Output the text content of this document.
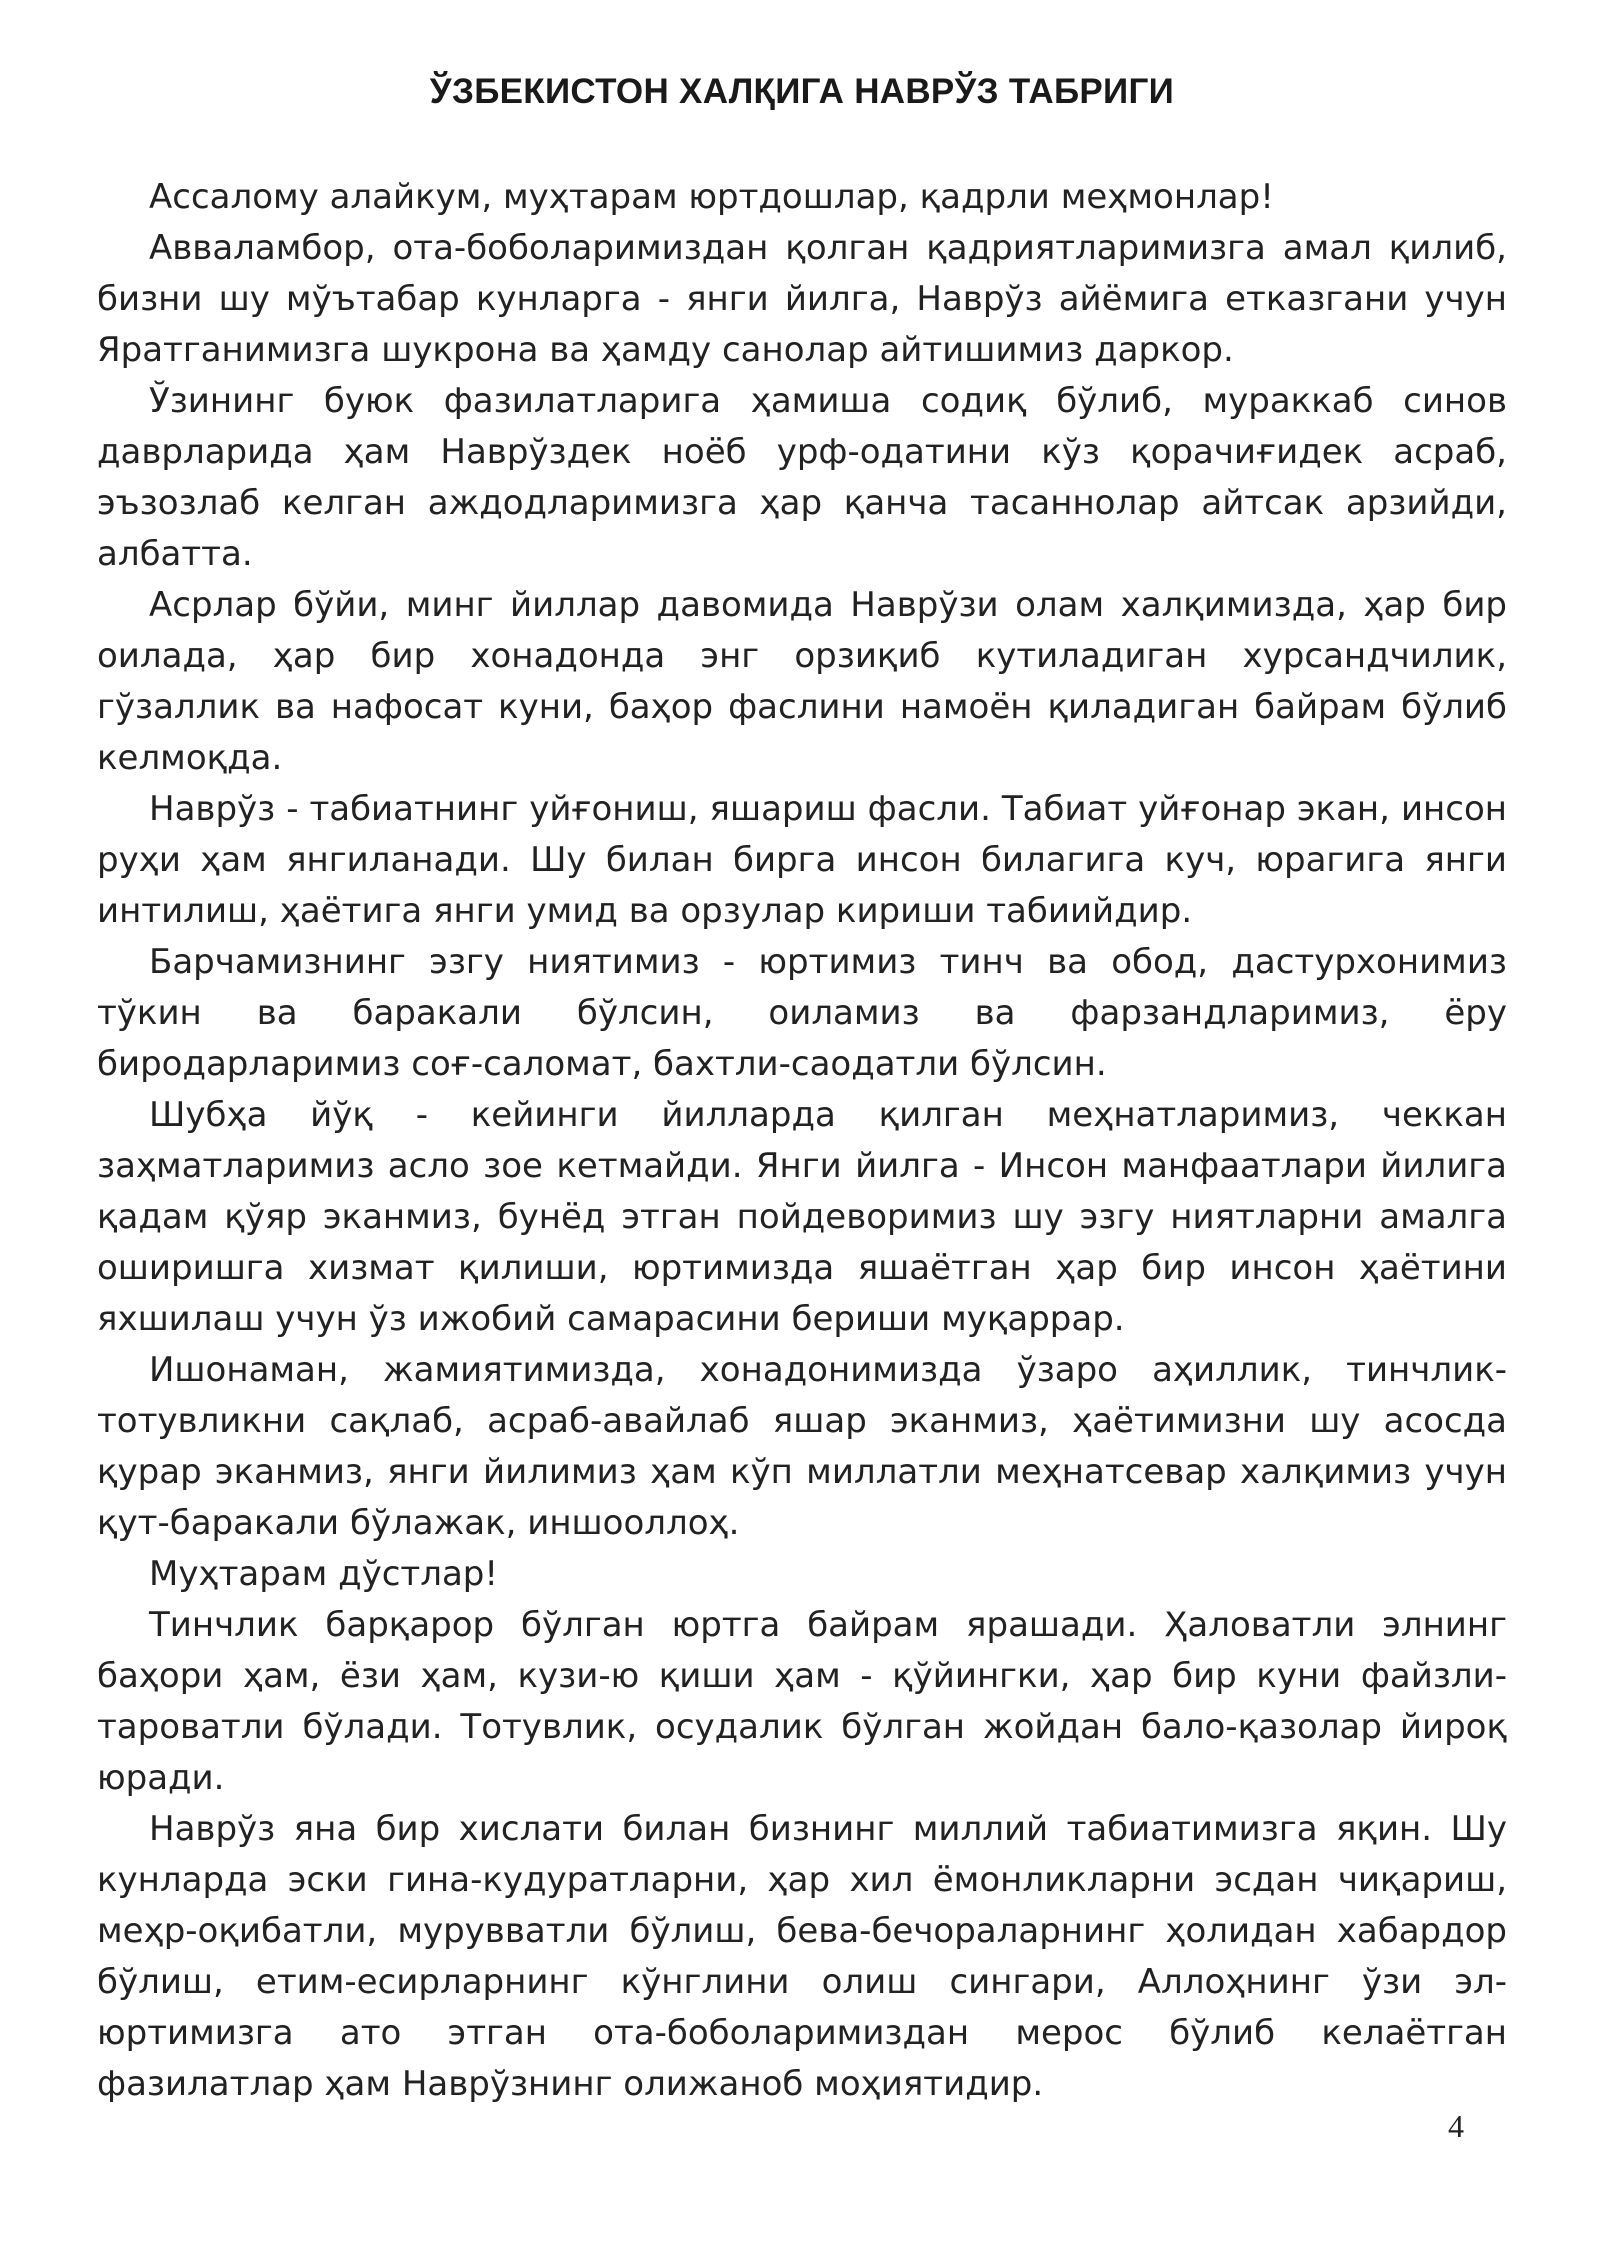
ЎЗБЕКИСТОН ХАЛҚИГА НАВРЎЗ ТАБРИГИ

Ассалому алайкум, муҳтарам юртдошлар, қадрли меҳмонлар!

Авваламбор, ота-боболаримиздан қолган қадриятларимизга амал қилиб, бизни шу мўътабар кунларга - янги йилга, Наврўз айёмига етказгани учун Яратганимизга шукрона ва ҳамду санолар айтишимиз даркор.

Ўзининг буюк фазилатларига ҳамиша содиқ бўлиб, мураккаб синов даврларида ҳам Наврўздек ноёб урф-одатини кўз қорачиғидек асраб, эъзозлаб келган аждодларимизга ҳар қанча тасаннолар айтсак арзийди, албатта.

Асрлар бўйи, минг йиллар давомида Наврўзи олам халқимизда, ҳар бир оилада, ҳар бир хонадонда энг орзиқиб кутиладиган хурсандчилик, гўзаллик ва нафосат куни, баҳор фаслини намоён қиладиган байрам бўлиб келмоқда.

Наврўз - табиатнинг уйғониш, яшариш фасли. Табиат уйғонар экан, инсон руҳи ҳам янгиланади. Шу билан бирга инсон билагига куч, юрагига янги интилиш, ҳаётига янги умид ва орзулар кириши табиийдир.

Барчамизнинг эзгу ниятимиз - юртимиз тинч ва обод, дастурхонимиз тўкин ва баракали бўлсин, оиламиз ва фарзандларимиз, ёру биродарларимиз соғ-саломат, бахтли-саодатли бўлсин.

Шубҳа йўқ - кейинги йилларда қилган меҳнатларимиз, чеккан заҳматларимиз асло зое кетмайди. Янги йилга - Инсон манфаатлари йилига қадам қўяр эканмиз, бунёд этган пойдеворимиз шу эзгу ниятларни амалга оширишга хизмат қилиши, юртимизда яшаётган ҳар бир инсон ҳаётини яхшилаш учун ўз ижобий самарасини бериши муқаррар.

Ишонаман, жамиятимизда, хонадонимизда ўзаро аҳиллик, тинчлик-тотувликни сақлаб, асраб-авайлаб яшар эканмиз, ҳаётимизни шу асосда қурар эканмиз, янги йилимиз ҳам кўп миллатли меҳнатсевар халқимиз учун қут-баракали бўлажак, иншооллоҳ.

Муҳтарам дўстлар!

Тинчлик барқарор бўлган юртга байрам ярашади. Ҳаловатли элнинг баҳори ҳам, ёзи ҳам, кузи-ю қиши ҳам - қўйингки, ҳар бир куни файзли-тароватли бўлади. Тотувлик, осудалик бўлган жойдан бало-қазолар йироқ юради.

Наврўз яна бир хислати билан бизнинг миллий табиатимизга яқин. Шу кунларда эски гина-кудуратларни, ҳар хил ёмонликларни эсдан чиқариш, меҳр-оқибатли, мурувватли бўлиш, бева-бечораларнинг ҳолидан хабардор бўлиш, етим-есирларнинг кўнглини олиш сингари, Аллоҳнинг ўзи эл-юртимизга ато этган ота-боболаримиздан мерос бўлиб келаётган фазилатлар ҳам Наврўзнинг олижаноб моҳиятидир.

4
